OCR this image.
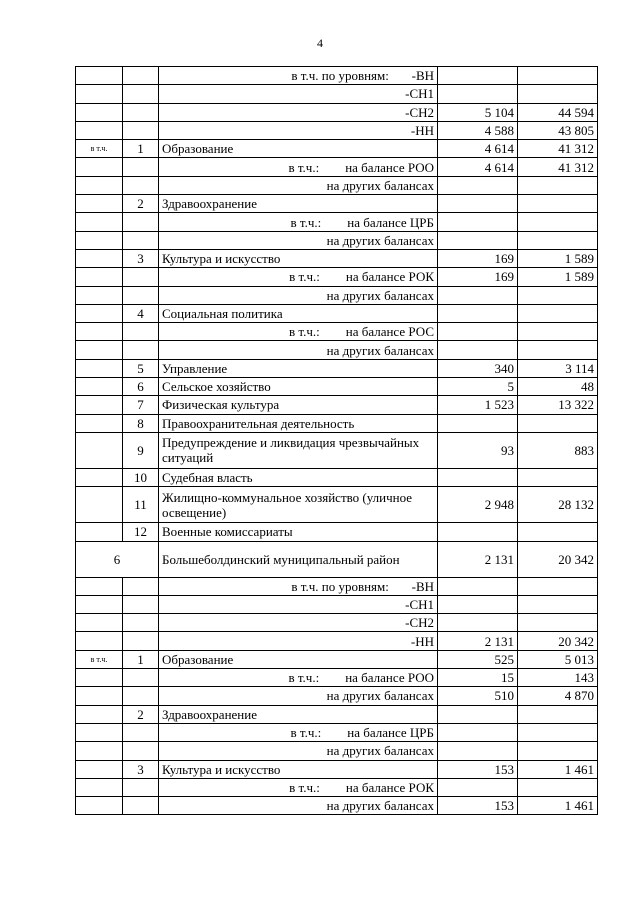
4
		в т.ч. по уровням:       -ВН		
		-СН1		
		-СН2	5 104	44 594
		-НН	4 588	43 805
в т.ч.	1	Образование	4 614	41 312
		в т.ч.:        на балансе РОО	4 614	41 312
		на других балансах		
	2	Здравоохранение		
		в т.ч.:        на балансе ЦРБ		
		на других балансах		
	3	Культура и искусство	169	1 589
		в т.ч.:        на балансе РОК	169	1 589
		на других балансах		
	4	Социальная политика		
		в т.ч.:        на балансе РОС		
		на других балансах		
	5	Управление	340	3 114
	6	Сельское хозяйство	5	48
	7	Физическая культура	1 523	13 322
	8	Правоохранительная деятельность		
	9	Предупреждение и ликвидация чрезвычайных ситуаций	93	883
	10	Судебная власть		
	11	Жилищно-коммунальное хозяйство (уличное освещение)	2 948	28 132
	12	Военные комиссариаты		
6		Большеболдинский муниципальный район	2 131	20 342
		в т.ч. по уровням:       -ВН		
		-СН1		
		-СН2		
		-НН	2 131	20 342
в т.ч.	1	Образование	525	5 013
		в т.ч.:        на балансе РОО	15	143
		на других балансах	510	4 870
	2	Здравоохранение		
		в т.ч.:        на балансе ЦРБ		
		на других балансах		
	3	Культура и искусство	153	1 461
		в т.ч.:        на балансе РОК		
		на других балансах	153	1 461
